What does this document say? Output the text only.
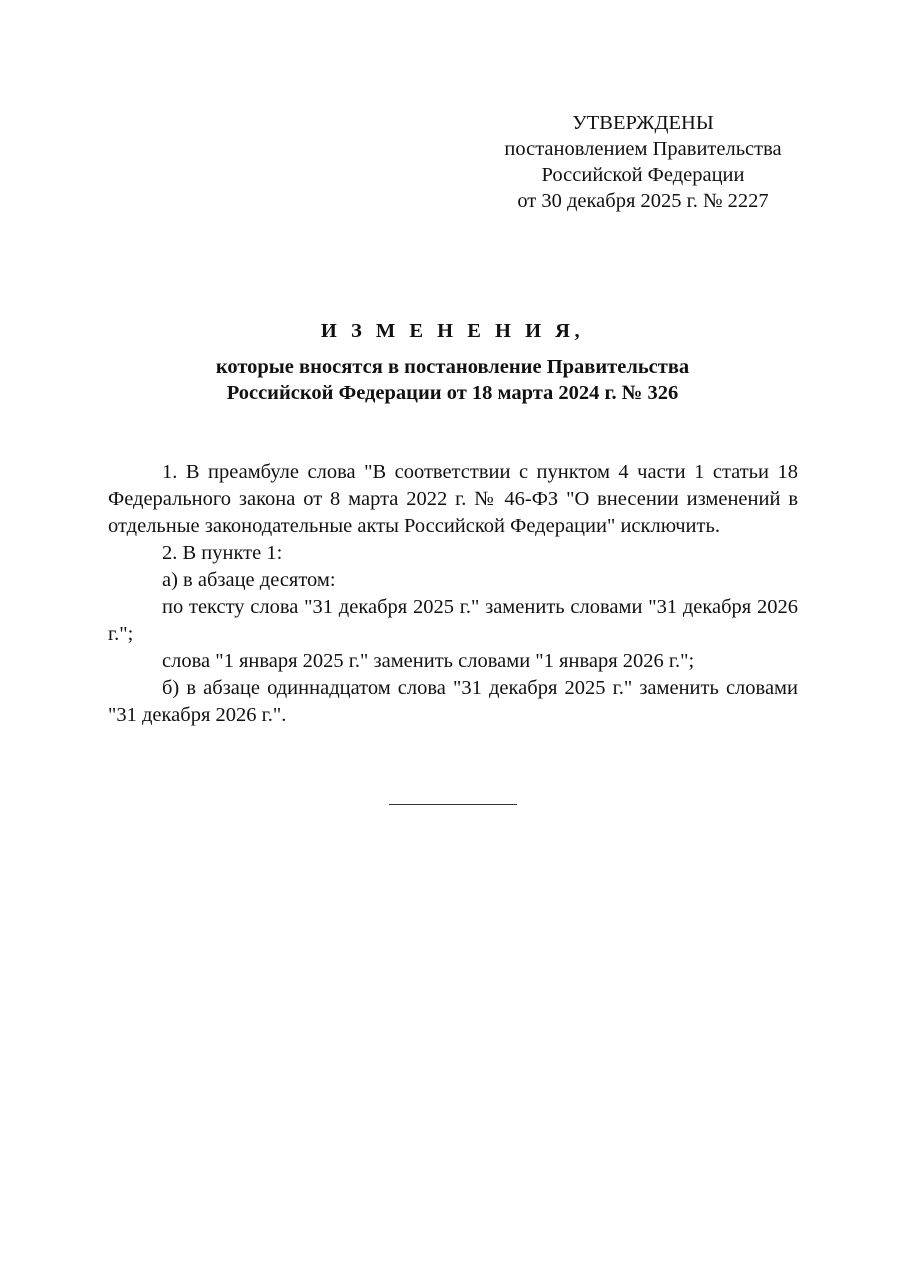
УТВЕРЖДЕНЫ
постановлением Правительства
Российской Федерации
от 30 декабря 2025 г. № 2227
И З М Е Н Е Н И Я,
которые вносятся в постановление Правительства
Российской Федерации от 18 марта 2024 г. № 326

1. В преамбуле слова "В соответствии с пунктом 4 части 1 статьи 18 Федерального закона от 8 марта 2022 г. № 46-ФЗ "О внесении изменений в отдельные законодательные акты Российской Федерации" исключить.

2. В пункте 1:

а) в абзаце десятом:

по тексту слова "31 декабря 2025 г." заменить словами "31 декабря 2026 г.";

слова "1 января 2025 г." заменить словами "1 января 2026 г.";

б) в абзаце одиннадцатом слова "31 декабря 2025 г." заменить словами "31 декабря 2026 г.".
